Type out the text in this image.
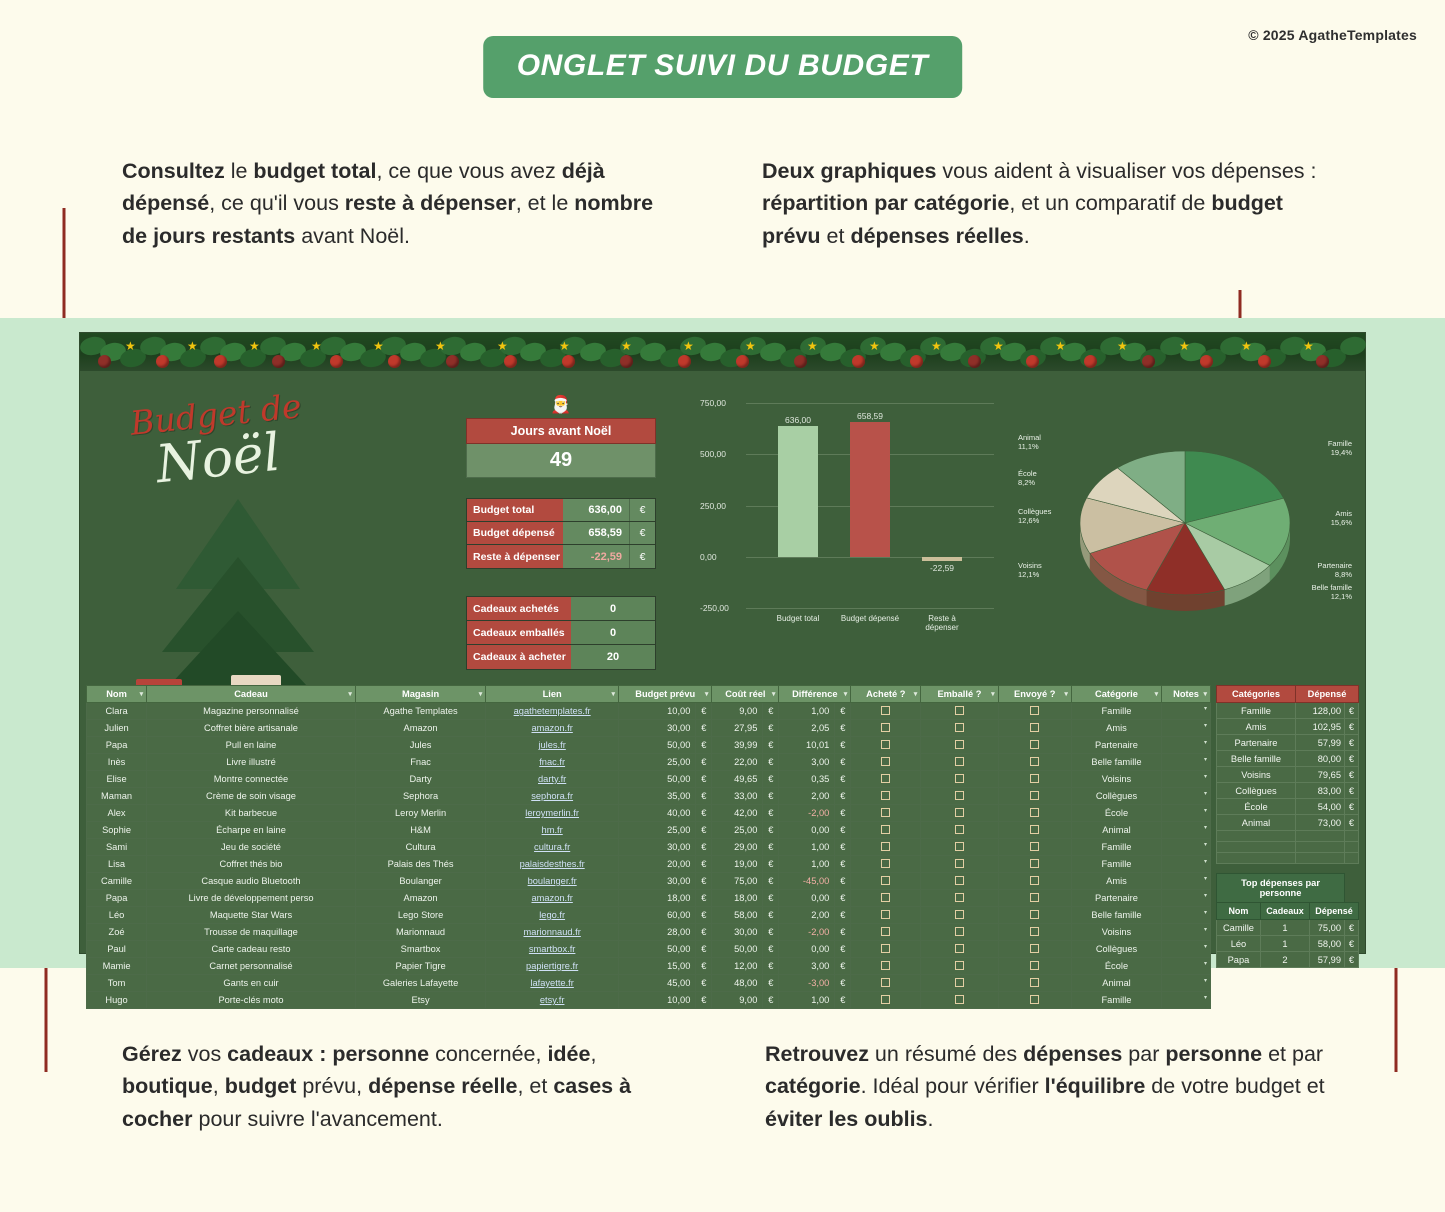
© 2025 AgatheTemplates
ONGLET SUIVI DU BUDGET
Consultez le budget total, ce que vous avez déjà dépensé, ce qu'il vous reste à dépenser, et le nombre de jours restants avant Noël.
Deux graphiques vous aident à visualiser vos dépenses : répartition par catégorie, et un comparatif de budget prévu et dépenses réelles.
Gérez vos cadeaux : personne concernée, idée, boutique, budget prévu, dépense réelle, et cases à cocher pour suivre l'avancement.
Retrouvez un résumé des dépenses par personne et par catégorie. Idéal pour vérifier l'équilibre de votre budget et éviter les oublis.
★	★	★	★	★	★	★	★	★	★	★	★	★	★	★	★	★	★	★	★
Budget de
Noël
🎅
Jours avant Noël
49
Budget total	636,00	€
Budget dépensé	658,59	€
Reste à dépenser	-22,59	€
Cadeaux achetés	0
Cadeaux emballés	0
Cadeaux à acheter	20
750,00
500,00
250,00
0,00
-250,00
636,00
Budget total
658,59
Budget dépensé
-22,59
Reste à
dépenser
Famille
19,4%
Amis
15,6%
Partenaire
8,8%
Belle famille
12,1%
Voisins
12,1%
Collègues
12,6%
École
8,2%
Animal
11,1%
Nom ▾	Cadeau ▾	Magasin ▾	Lien ▾	Budget prévu ▾		Coût réel ▾		Différence ▾		Acheté ? ▾	Emballé ? ▾	Envoyé ? ▾	Catégorie ▾	Notes ▾

Clara	Magazine personnalisé	Agathe Templates	agathetemplates.fr	10,00	€	9,00	€	1,00	€				Famille	▾
Julien	Coffret bière artisanale	Amazon	amazon.fr	30,00	€	27,95	€	2,05	€				Amis	▾
Papa	Pull en laine	Jules	jules.fr	50,00	€	39,99	€	10,01	€				Partenaire	▾
Inès	Livre illustré	Fnac	fnac.fr	25,00	€	22,00	€	3,00	€				Belle famille	▾
Elise	Montre connectée	Darty	darty.fr	50,00	€	49,65	€	0,35	€				Voisins	▾
Maman	Crème de soin visage	Sephora	sephora.fr	35,00	€	33,00	€	2,00	€				Collègues	▾
Alex	Kit barbecue	Leroy Merlin	leroymerlin.fr	40,00	€	42,00	€	-2,00	€				École	▾
Sophie	Écharpe en laine	H&M	hm.fr	25,00	€	25,00	€	0,00	€				Animal	▾
Sami	Jeu de société	Cultura	cultura.fr	30,00	€	29,00	€	1,00	€				Famille	▾
Lisa	Coffret thés bio	Palais des Thés	palaisdesthes.fr	20,00	€	19,00	€	1,00	€				Famille	▾
Camille	Casque audio Bluetooth	Boulanger	boulanger.fr	30,00	€	75,00	€	-45,00	€				Amis	▾
Papa	Livre de développement perso	Amazon	amazon.fr	18,00	€	18,00	€	0,00	€				Partenaire	▾
Léo	Maquette Star Wars	Lego Store	lego.fr	60,00	€	58,00	€	2,00	€				Belle famille	▾
Zoé	Trousse de maquillage	Marionnaud	marionnaud.fr	28,00	€	30,00	€	-2,00	€				Voisins	▾
Paul	Carte cadeau resto	Smartbox	smartbox.fr	50,00	€	50,00	€	0,00	€				Collègues	▾
Mamie	Carnet personnalisé	Papier Tigre	papiertigre.fr	15,00	€	12,00	€	3,00	€				École	▾
Tom	Gants en cuir	Galeries Lafayette	lafayette.fr	45,00	€	48,00	€	-3,00	€				Animal	▾
Hugo	Porte-clés moto	Etsy	etsy.fr	10,00	€	9,00	€	1,00	€				Famille	▾
Catégories	Dépensé	
Famille	128,00	€
Amis	102,95	€
Partenaire	57,99	€
Belle famille	80,00	€
Voisins	79,65	€
Collègues	83,00	€
École	54,00	€
Animal	73,00	€

Top dépenses par personne			
Nom	Cadeaux	Dépensé	
Camille	1	75,00	€
Léo	1	58,00	€
Papa	2	57,99	€
